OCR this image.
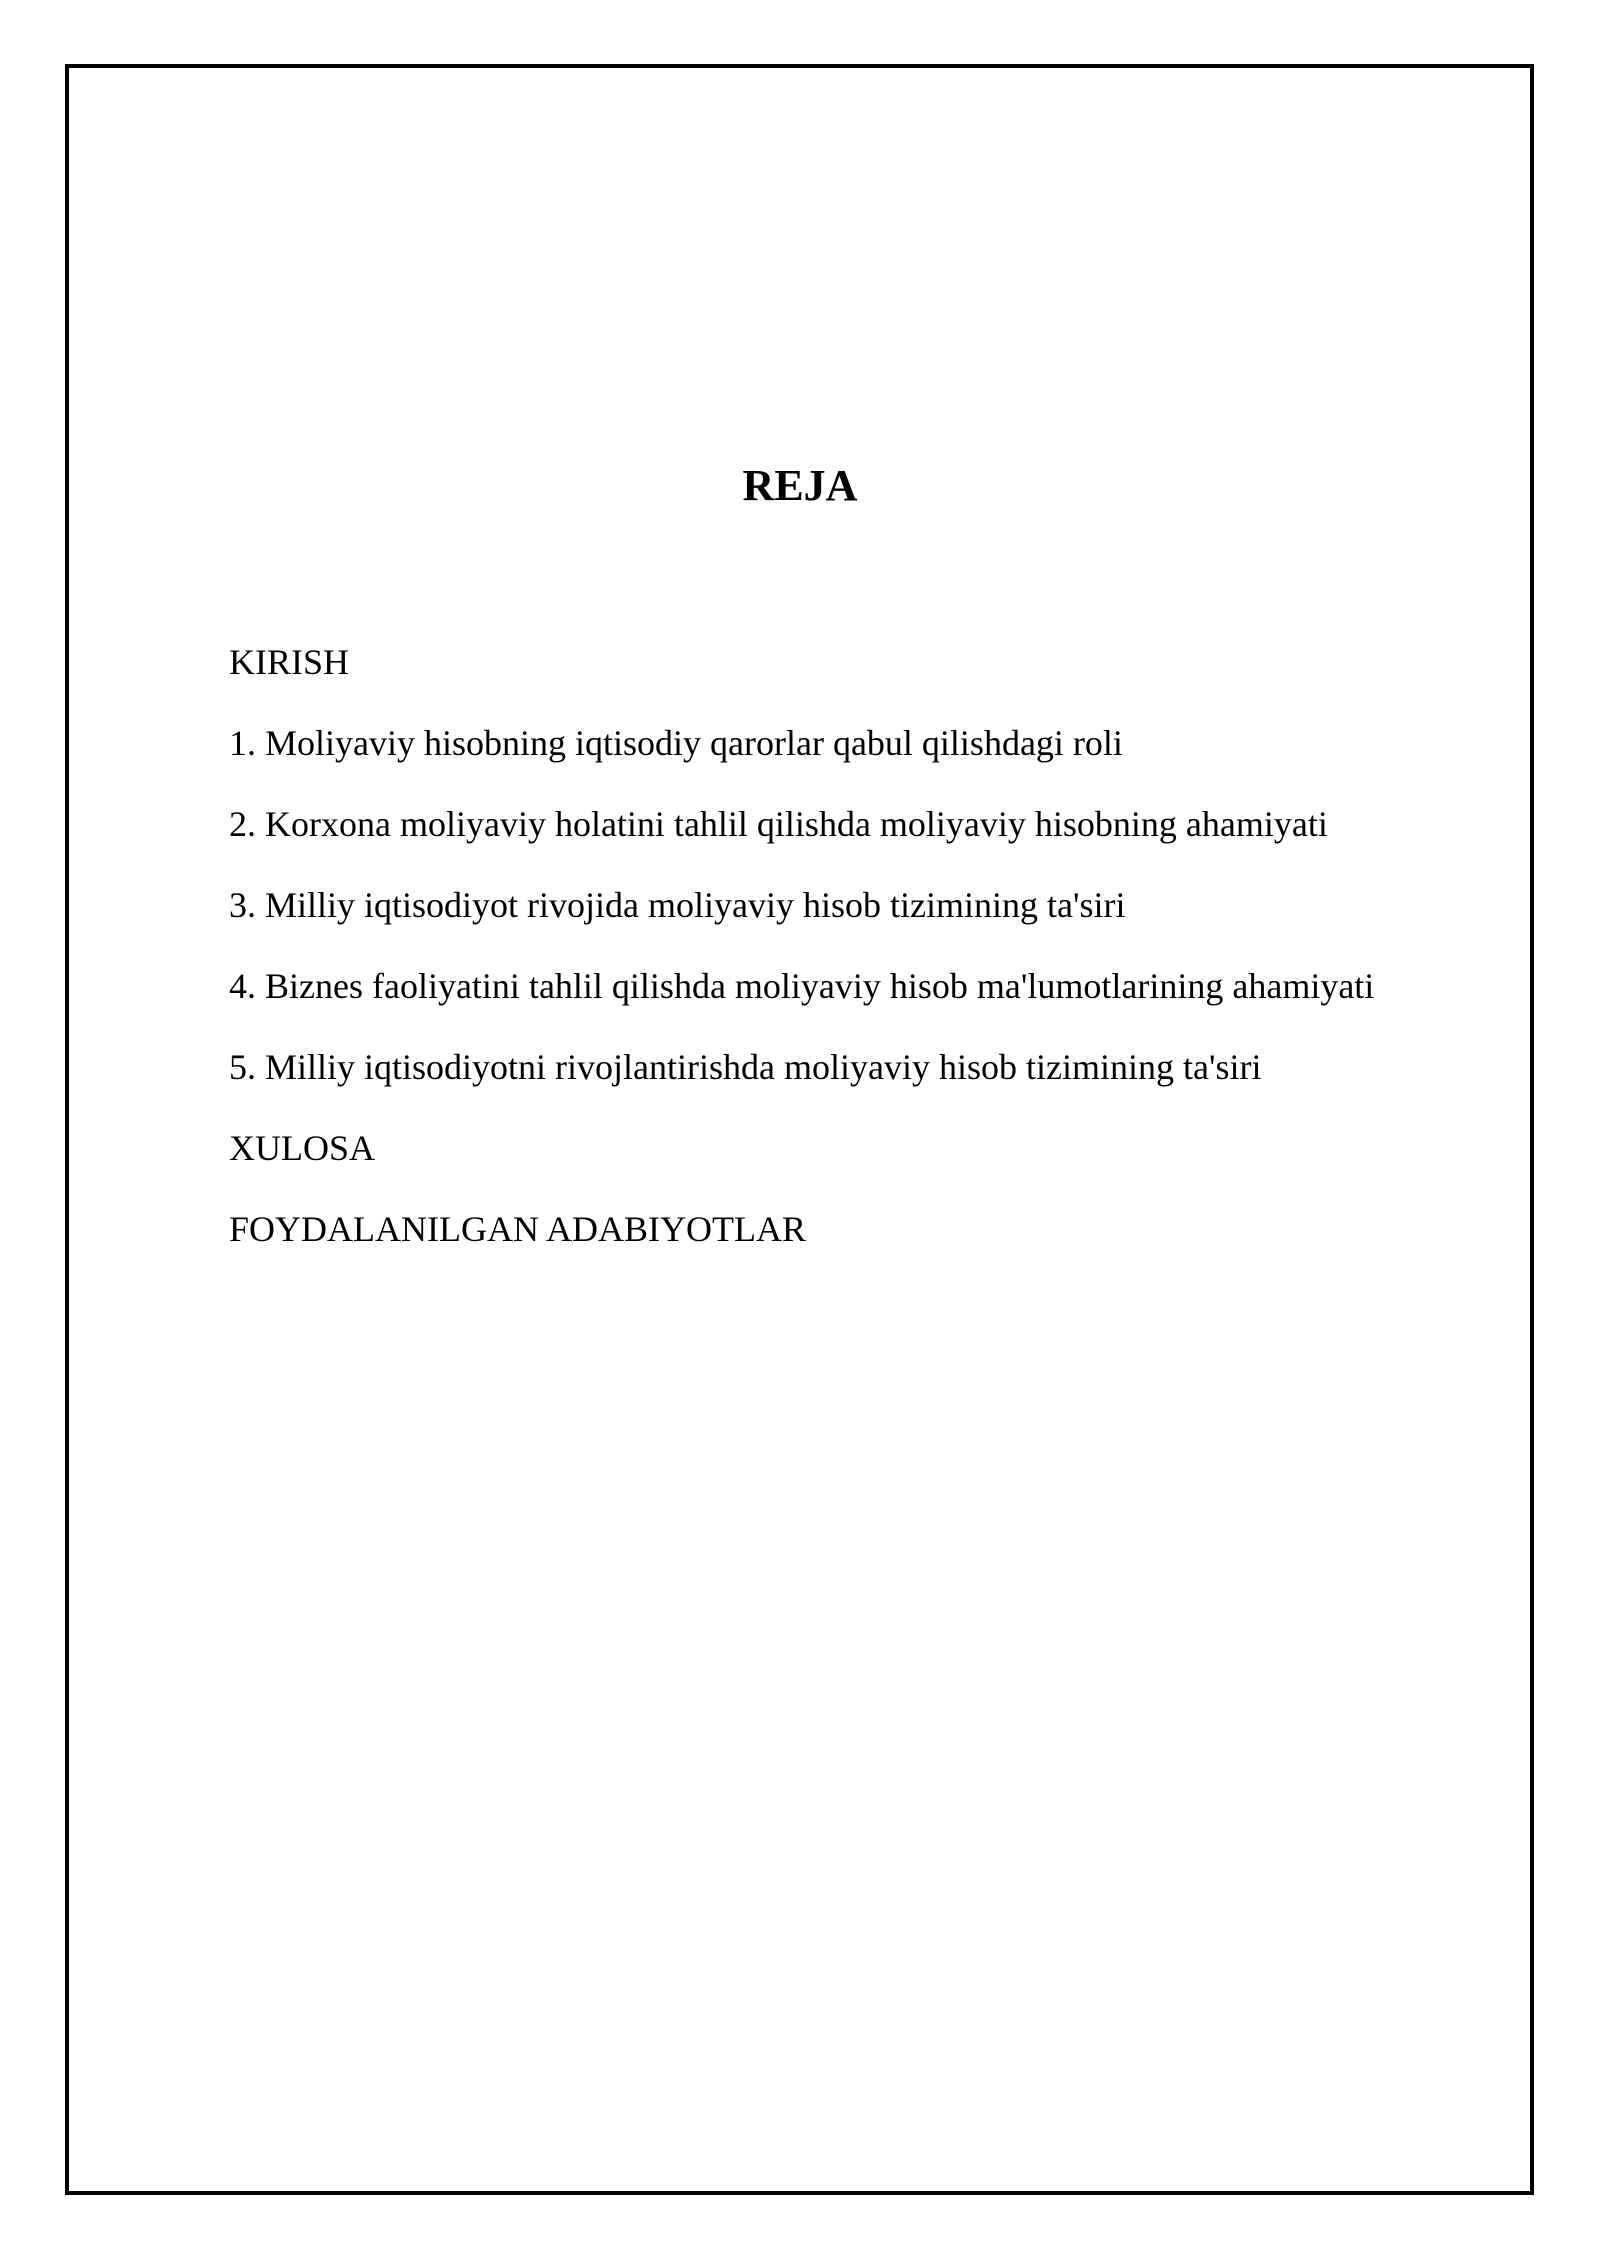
REJA
KIRISH
1. Moliyaviy hisobning iqtisodiy qarorlar qabul qilishdagi roli
2. Korxona moliyaviy holatini tahlil qilishda moliyaviy hisobning ahamiyati
3. Milliy iqtisodiyot rivojida moliyaviy hisob tizimining ta'siri
4. Biznes faoliyatini tahlil qilishda moliyaviy hisob ma'lumotlarining ahamiyati
5. Milliy iqtisodiyotni rivojlantirishda moliyaviy hisob tizimining ta'siri
XULOSA
FOYDALANILGAN ADABIYOTLAR
